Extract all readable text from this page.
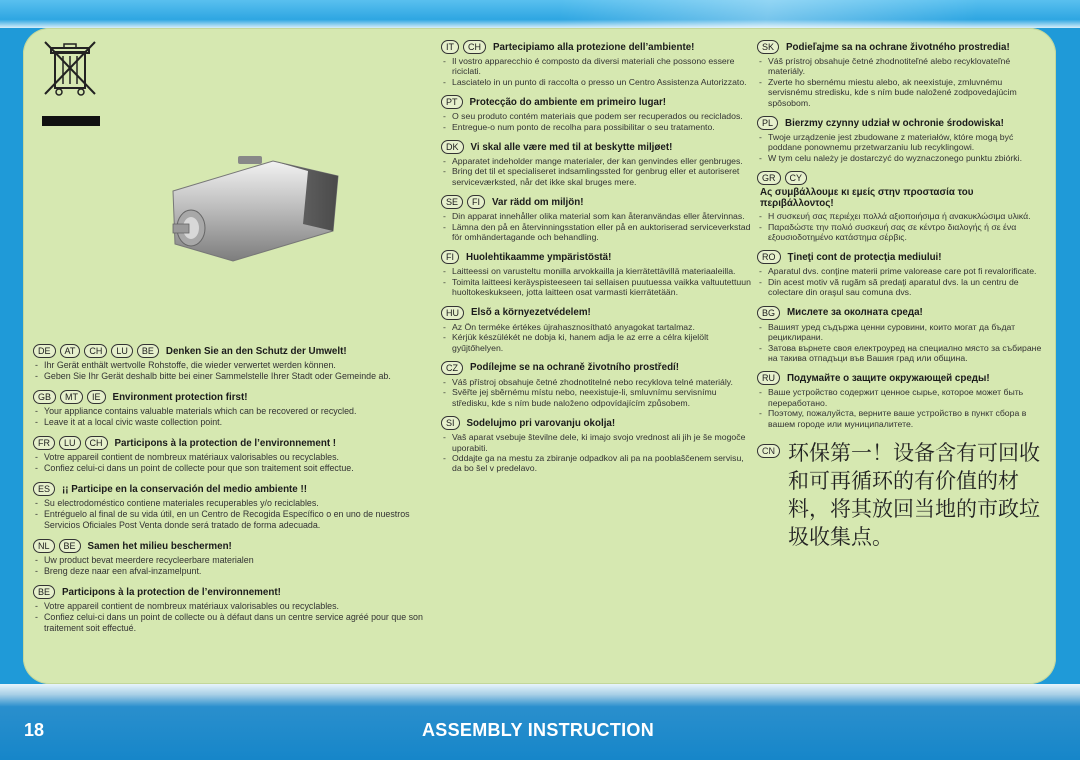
DE	AT	CH	LU	BE	Denken Sie an den Schutz der Umwelt!
- Ihr Gerät enthält wertvolle Rohstoffe, die wieder verwertet werden können.
- Geben Sie Ihr Gerät deshalb bitte bei einer Sammelstelle Ihrer Stadt oder Gemeinde ab.
GB	MT	IE	Environment protection first!
- Your appliance contains valuable materials which can be recovered or recycled.
- Leave it at a local civic waste collection point.
FR	LU	CH	Participons à la protection de l’environnement !
- Votre appareil contient de nombreux matériaux valorisables ou recyclables.
- Confiez celui-ci dans un point de collecte pour que son traitement soit effectue.
ES	¡¡ Participe en la conservación del medio ambiente !!
- Su electrodoméstico contiene materiales recuperables y/o reciclables.
- Entréguelo al final de su vida útil, en un Centro de Recogida Específico o en uno de nuestros Servicios Oficiales Post Venta donde será tratado de forma adecuada.
NL	BE	Samen het milieu beschermen!
- Uw product bevat meerdere recycleerbare materialen
- Breng deze naar een afval-inzamelpunt.
BE	Participons à la protection de l’environnement!
- Votre appareil contient de nombreux matériaux valorisables ou recyclables.
- Confiez celui-ci dans un point de collecte ou à défaut dans un centre service agréé pour que son traitement soit effectué.
IT	CH	Partecipiamo alla protezione dell’ambiente!
- Il vostro apparecchio é composto da diversi materiali che possono essere riciclati.
- Lasciatelo in un punto di raccolta o presso un Centro Assistenza Autorizzato.
PT	Protecção do ambiente em primeiro lugar!
- O seu produto contém materiais que podem ser recuperados ou reciclados.
- Entregue-o num ponto de recolha para possibilitar o seu tratamento.
DK	Vi skal alle være med til at beskytte miljøet!
- Apparatet indeholder mange materialer, der kan genvindes eller genbruges.
- Bring det til et specialiseret indsamlingssted for genbrug eller et autoriseret serviceværksted, når det ikke skal bruges mere.
SE	FI	Var rädd om miljön!
- Din apparat innehåller olika material som kan återanvändas eller återvinnas.
- Lämna den på en återvinningsstation eller på en auktoriserad serviceverkstad för omhändertagande och behandling.
FI	Huolehtikaamme ympäristöstä!
- Laitteessi on varusteltu monilla arvokkailla ja kierrätettävillä materiaaleilla.
- Toimita laitteesi keräyspisteeseen tai sellaisen puutuessa vaikka valtuutettuun huoltokeskukseen, jotta laitteen osat varmasti kierrätetään.
HU	Elsõ a környezetvédelem!
- Az Ön terméke értékes újrahasznosítható anyagokat tartalmaz.
- Kérjük készülékét ne dobja ki, hanem adja le az erre a célra kijelölt gyűjtőhelyen.
CZ	Podílejme se na ochraně životního prostředí!
- Váš přístroj obsahuje četné zhodnotitelné nebo recyklova telné materiály.
- Svěřte jej sběrnému místu nebo, neexistuje-li, smluvnímu servisnímu středisku, kde s ním bude naloženo odpovídajícím způsobem.
SI	Sodelujmo pri varovanju okolja!
- Vaš aparat vsebuje številne dele, ki imajo svojo vrednost ali jih je še mogoče uporabiti.
- Oddajte ga na mestu za zbiranje odpadkov ali pa na pooblaščenem servisu, da bo šel v predelavo.
SK	Podieľajme sa na ochrane životného prostredia!
- Váš prístroj obsahuje četné zhodnotiteľné alebo recyklovateľné materiály.
- Zverte ho sbernému miestu alebo, ak neexistuje, zmluvnému servisnému stredisku, kde s ním bude naložené zodpovedajúcim spôsobom.
PL	Bierzmy czynny udział w ochronie środowiska!
- Twoje urządzenie jest zbudowane z materiałów, które mogą być poddane ponownemu przetwarzaniu lub recyklingowi.
- W tym celu należy je dostarczyć do wyznaczonego punktu zbiórki.
GR	CY
Ας συμβάλλουμε κι εμείς στην προστασία του περιβάλλοντος!
- Η συσκευή σας περιέχει πολλά αξιοποιήσιμα ή ανακυκλώσιμα υλικά.
- Παραδώστε την πολιό συσκευή σας σε κέντρο διαλογής ή σε ένα εξουσιοδοτημένο κατάστημα σέρβις.
RO	Ţineţi cont de protecţia mediului!
- Aparatul dvs. conţine materii prime valorease care pot fi revalorificate.
- Din acest motiv vă rugăm să predaţi aparatul dvs. la un centru de colectare din oraşul sau comuna dvs.
BG	Мислете за околната среда!
- Вашият уред съдържа ценни суровини, които могат да бъдат рециклирани.
- Затова върнете своя електроуред на специално място за събиране на такива отпадъци във Вашия град или община.
RU	Подумайте о защите окружающей среды!
- Ваше устройство содержит ценное сырье, которое может быть переработано.
- Поэтому, пожалуйста, верните ваше устройство в пункт сбора в вашем городе или муниципалитете.
CN 环保第一！设备含有可回收和可再循环的有价值的材料，将其放回当地的市政垃圾收集点。
18	ASSEMBLY INSTRUCTION
